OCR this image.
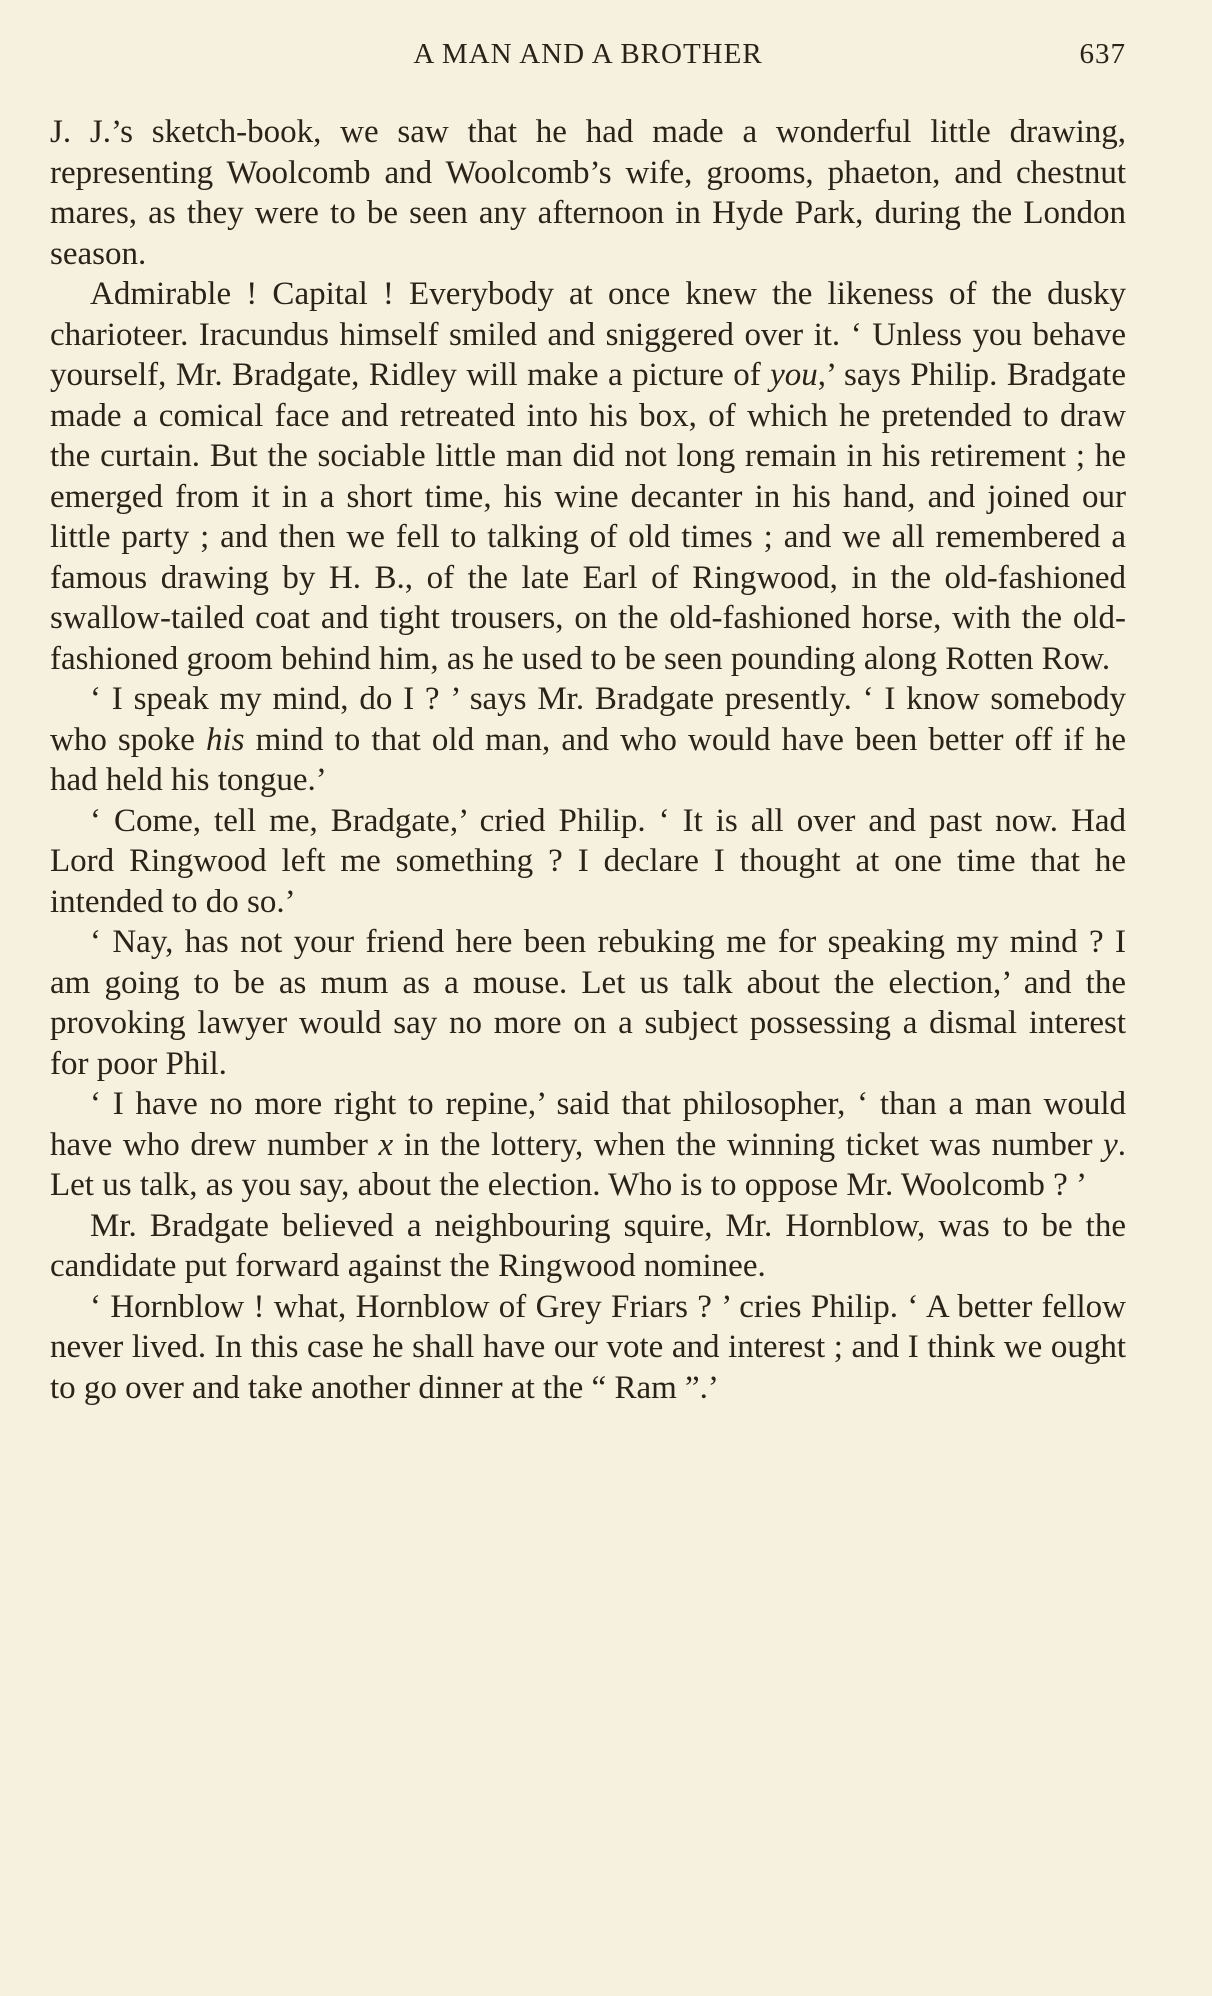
A MAN AND A BROTHER	637

J. J.’s sketch-book, we saw that he had made a wonderful little drawing, representing Woolcomb and Woolcomb’s wife, grooms, phaeton, and chestnut mares, as they were to be seen any afternoon in Hyde Park, during the London season.

Admirable ! Capital ! Everybody at once knew the likeness of the dusky charioteer. Iracundus himself smiled and sniggered over it. ‘ Unless you behave yourself, Mr. Bradgate, Ridley will make a picture of you,’ says Philip. Bradgate made a comical face and retreated into his box, of which he pretended to draw the curtain. But the sociable little man did not long remain in his retirement ; he emerged from it in a short time, his wine decanter in his hand, and joined our little party ; and then we fell to talking of old times ; and we all remembered a famous drawing by H. B., of the late Earl of Ringwood, in the old-fashioned swallow-tailed coat and tight trousers, on the old-fashioned horse, with the old-fashioned groom behind him, as he used to be seen pounding along Rotten Row.

‘ I speak my mind, do I ? ’ says Mr. Bradgate presently. ‘ I know somebody who spoke his mind to that old man, and who would have been better off if he had held his tongue.’

‘ Come, tell me, Bradgate,’ cried Philip. ‘ It is all over and past now. Had Lord Ringwood left me something ? I declare I thought at one time that he intended to do so.’

‘ Nay, has not your friend here been rebuking me for speaking my mind ? I am going to be as mum as a mouse. Let us talk about the election,’ and the provoking lawyer would say no more on a subject possessing a dismal interest for poor Phil.

‘ I have no more right to repine,’ said that philosopher, ‘ than a man would have who drew number x in the lottery, when the winning ticket was number y. Let us talk, as you say, about the election. Who is to oppose Mr. Woolcomb ? ’

Mr. Bradgate believed a neighbouring squire, Mr. Hornblow, was to be the candidate put forward against the Ringwood nominee.

‘ Hornblow ! what, Hornblow of Grey Friars ? ’ cries Philip. ‘ A better fellow never lived. In this case he shall have our vote and interest ; and I think we ought to go over and take another dinner at the “ Ram ”.’
